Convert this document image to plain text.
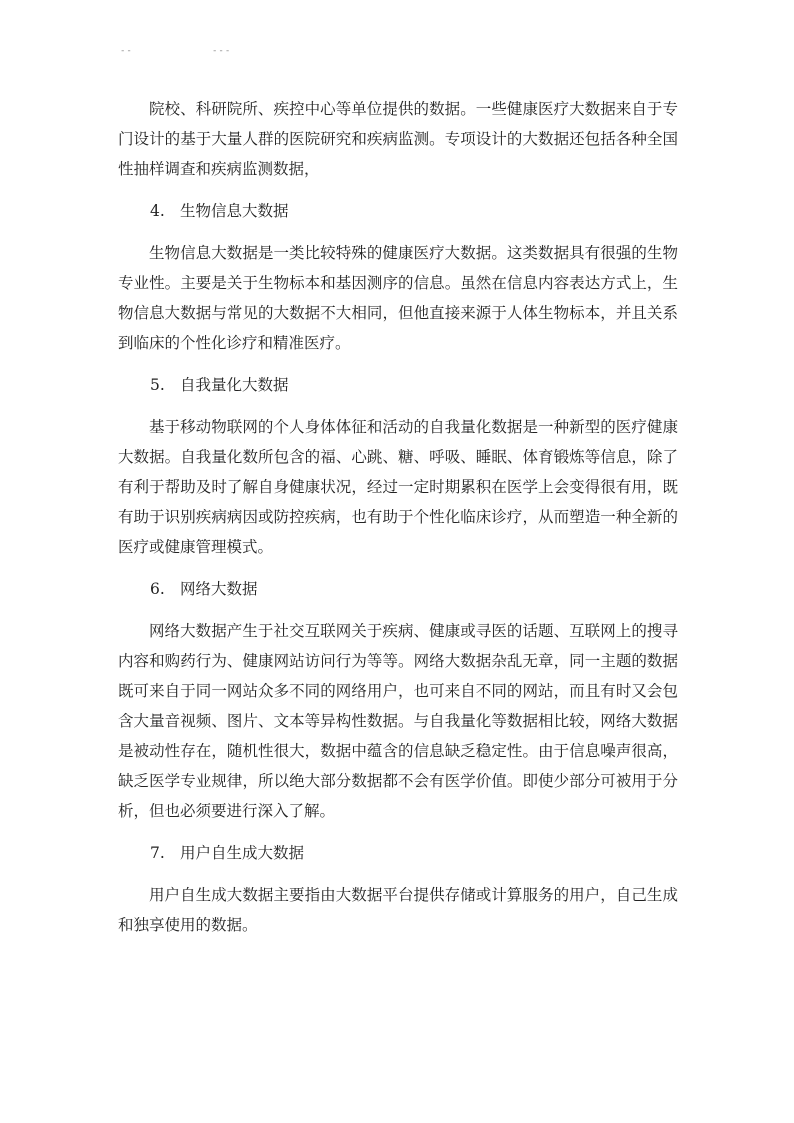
--	---

院校、科研院所、疾控中心等单位提供的数据。一些健康医疗大数据来自于专门设计的基于大量人群的医院研究和疾病监测。专项设计的大数据还包括各种全国性抽样调查和疾病监测数据，

4. 生物信息大数据

生物信息大数据是一类比较特殊的健康医疗大数据。这类数据具有很强的生物专业性。主要是关于生物标本和基因测序的信息。虽然在信息内容表达方式上，生物信息大数据与常见的大数据不大相同，但他直接来源于人体生物标本，并且关系到临床的个性化诊疗和精准医疗。

5. 自我量化大数据

基于移动物联网的个人身体体征和活动的自我量化数据是一种新型的医疗健康大数据。自我量化数所包含的福、心跳、糖、呼吸、睡眠、体育锻炼等信息，除了有利于帮助及时了解自身健康状况，经过一定时期累积在医学上会变得很有用，既有助于识别疾病病因或防控疾病，也有助于个性化临床诊疗，从而塑造一种全新的医疗或健康管理模式。

6. 网络大数据

网络大数据产生于社交互联网关于疾病、健康或寻医的话题、互联网上的搜寻内容和购药行为、健康网站访问行为等等。网络大数据杂乱无章，同一主题的数据既可来自于同一网站众多不同的网络用户，也可来自不同的网站，而且有时又会包含大量音视频、图片、文本等异构性数据。与自我量化等数据相比较，网络大数据是被动性存在，随机性很大，数据中蕴含的信息缺乏稳定性。由于信息噪声很高，缺乏医学专业规律，所以绝大部分数据都不会有医学价值。即使少部分可被用于分析，但也必须要进行深入了解。

7. 用户自生成大数据

用户自生成大数据主要指由大数据平台提供存储或计算服务的用户，自己生成和独享使用的数据。
